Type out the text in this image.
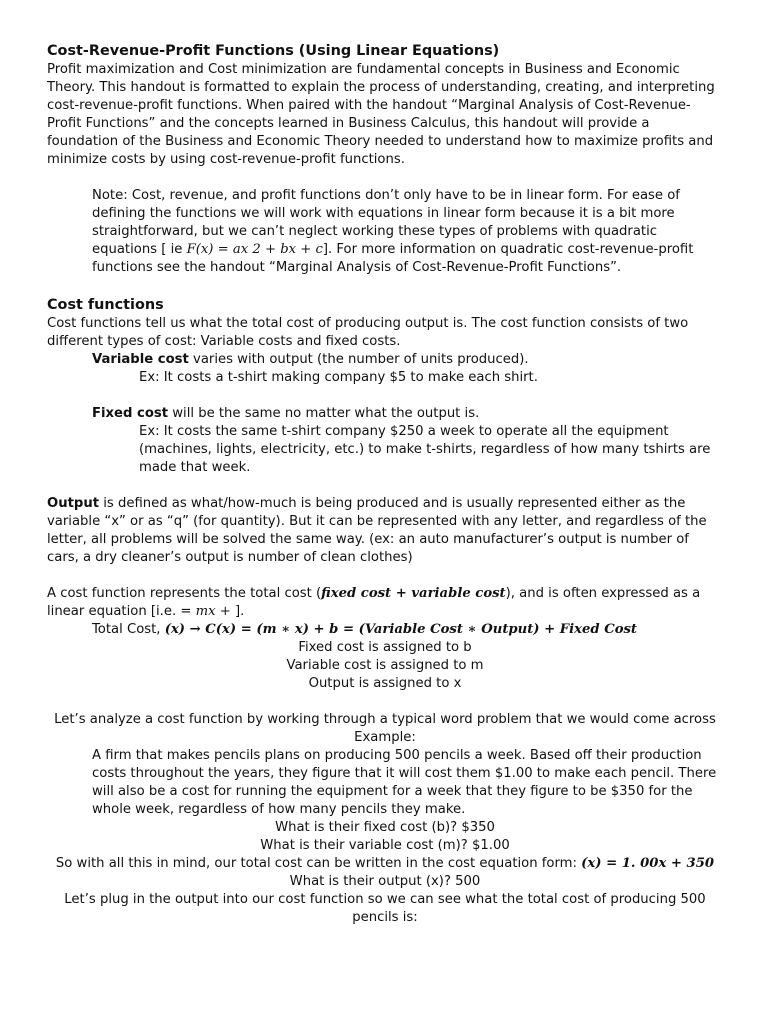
Cost-Revenue-Profit Functions (Using Linear Equations)

Profit maximization and Cost minimization are fundamental concepts in Business and Economic Theory. This handout is formatted to explain the process of understanding, creating, and interpreting cost-revenue-profit functions. When paired with the handout “Marginal Analysis of Cost-Revenue-Profit Functions” and the concepts learned in Business Calculus, this handout will provide a foundation of the Business and Economic Theory needed to understand how to maximize profits and minimize costs by using cost-revenue-profit functions.

Note: Cost, revenue, and profit functions don’t only have to be in linear form. For ease of defining the functions we will work with equations in linear form because it is a bit more straightforward, but we can’t neglect working these types of problems with quadratic equations [ ie F(x) = ax 2 + bx + c]. For more information on quadratic cost-revenue-profit functions see the handout “Marginal Analysis of Cost-Revenue-Profit Functions”.

Cost functions

Cost functions tell us what the total cost of producing output is. The cost function consists of two different types of cost: Variable costs and fixed costs.

Variable cost varies with output (the number of units produced).

Ex: It costs a t-shirt making company $5 to make each shirt.

Fixed cost will be the same no matter what the output is.

Ex: It costs the same t-shirt company $250 a week to operate all the equipment (machines, lights, electricity, etc.) to make t-shirts, regardless of how many tshirts are made that week.

Output is defined as what/how-much is being produced and is usually represented either as the variable “x” or as “q” (for quantity). But it can be represented with any letter, and regardless of the letter, all problems will be solved the same way. (ex: an auto manufacturer’s output is number of cars, a dry cleaner’s output is number of clean clothes)

A cost function represents the total cost (fixed cost + variable cost), and is often expressed as a linear equation [i.e. = mx + ].

Total Cost, (x) → C(x) = (m ∗ x) + b = (Variable Cost ∗ Output) + Fixed Cost

Fixed cost is assigned to b

Variable cost is assigned to m

Output is assigned to x

Let’s analyze a cost function by working through a typical word problem that we would come across

Example:

A firm that makes pencils plans on producing 500 pencils a week. Based off their production costs throughout the years, they figure that it will cost them $1.00 to make each pencil. There will also be a cost for running the equipment for a week that they figure to be $350 for the whole week, regardless of how many pencils they make.

What is their fixed cost (b)? $350

What is their variable cost (m)? $1.00

So with all this in mind, our total cost can be written in the cost equation form: (x) = 1. 00x + 350

What is their output (x)? 500

Let’s plug in the output into our cost function so we can see what the total cost of producing 500 pencils is:
